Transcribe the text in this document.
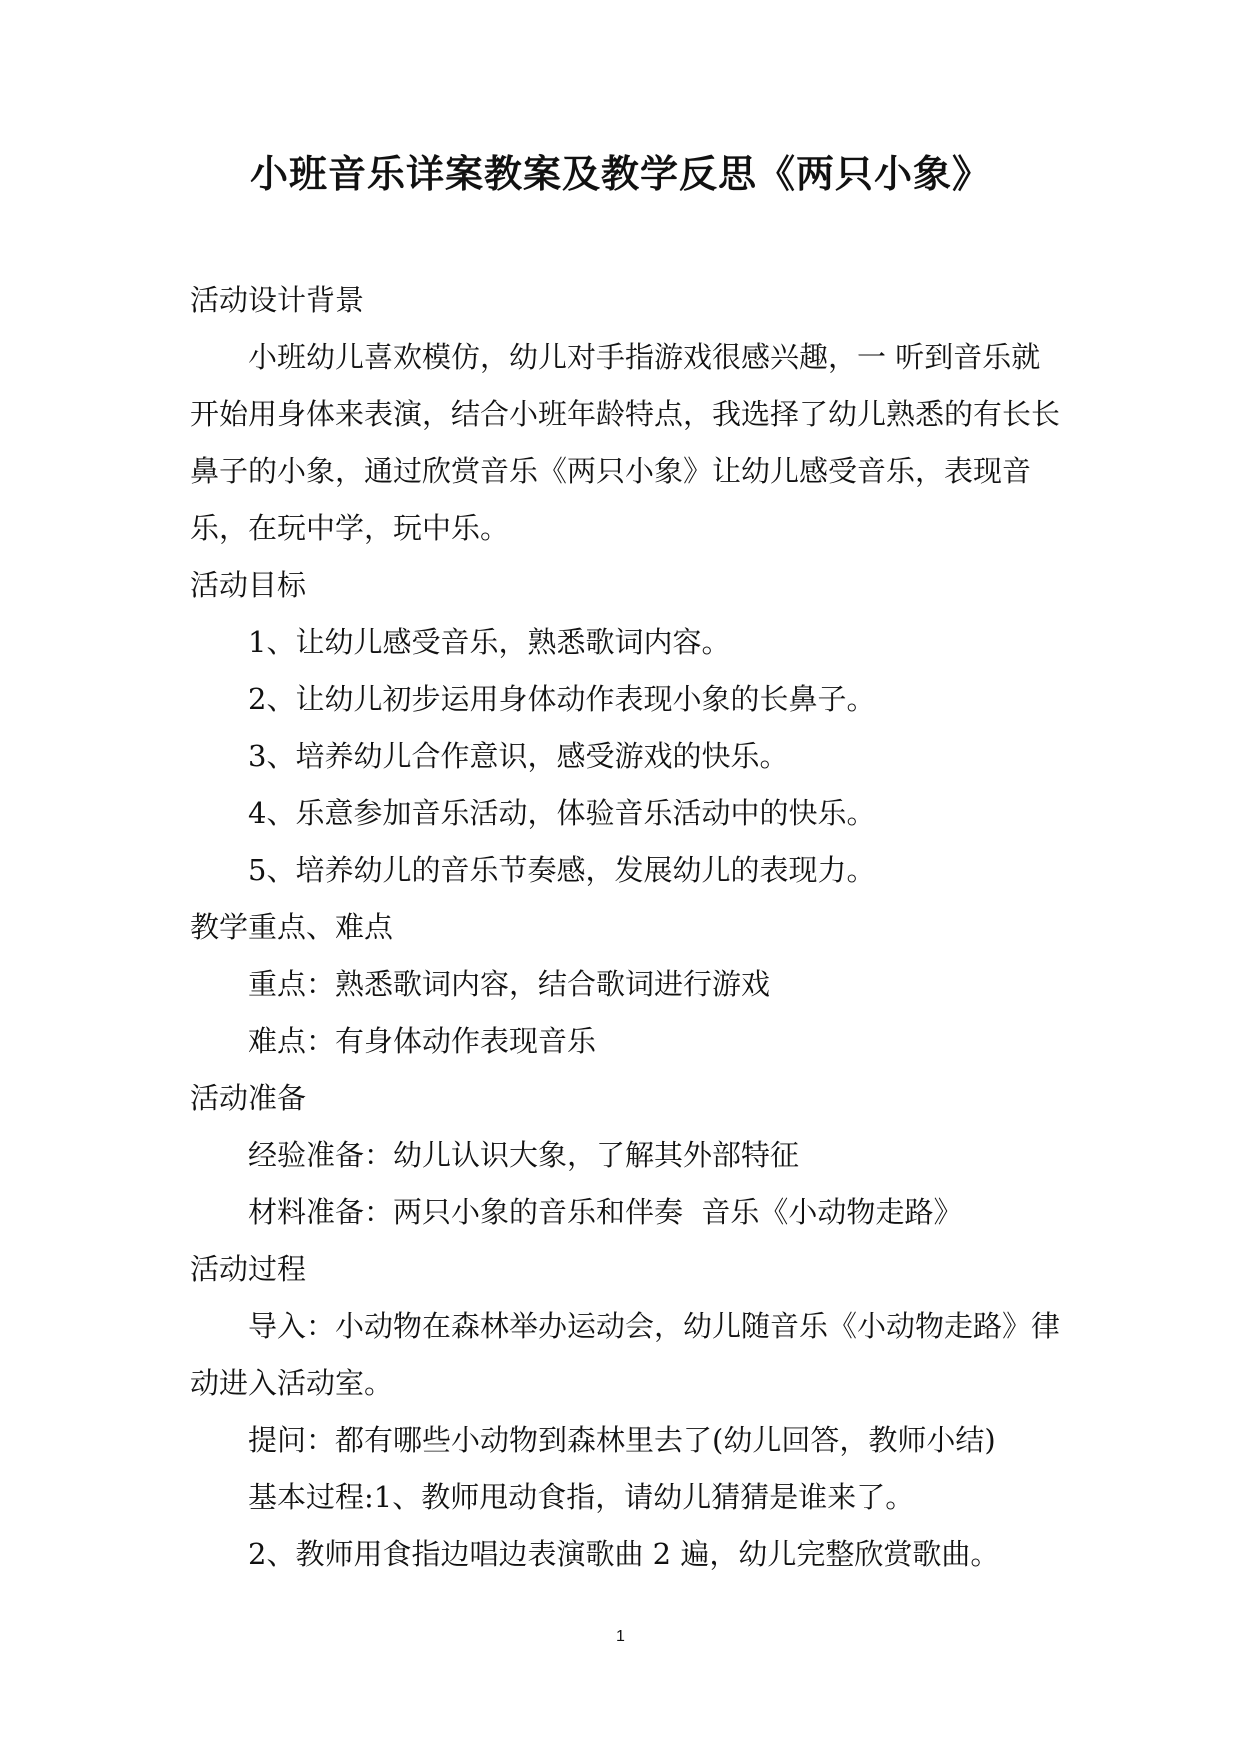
小班音乐详案教案及教学反思《两只小象》

活动设计背景

小班幼儿喜欢模仿，幼儿对手指游戏很感兴趣，一 听到音乐就开始用身体来表演，结合小班年龄特点，我选择了幼儿熟悉的有长长鼻子的小象，通过欣赏音乐《两只小象》让幼儿感受音乐，表现音乐，在玩中学，玩中乐。

活动目标

1、让幼儿感受音乐，熟悉歌词内容。

2、让幼儿初步运用身体动作表现小象的长鼻子。

3、培养幼儿合作意识，感受游戏的快乐。

4、乐意参加音乐活动，体验音乐活动中的快乐。

5、培养幼儿的音乐节奏感，发展幼儿的表现力。

教学重点、难点

重点：熟悉歌词内容，结合歌词进行游戏

难点：有身体动作表现音乐

活动准备

经验准备：幼儿认识大象，了解其外部特征

材料准备：两只小象的音乐和伴奏  音乐《小动物走路》

活动过程

导入：小动物在森林举办运动会，幼儿随音乐《小动物走路》律动进入活动室。

提问：都有哪些小动物到森林里去了(幼儿回答，教师小结)

基本过程:1、教师甩动食指，请幼儿猜猜是谁来了。

2、教师用食指边唱边表演歌曲 2 遍，幼儿完整欣赏歌曲。

1
